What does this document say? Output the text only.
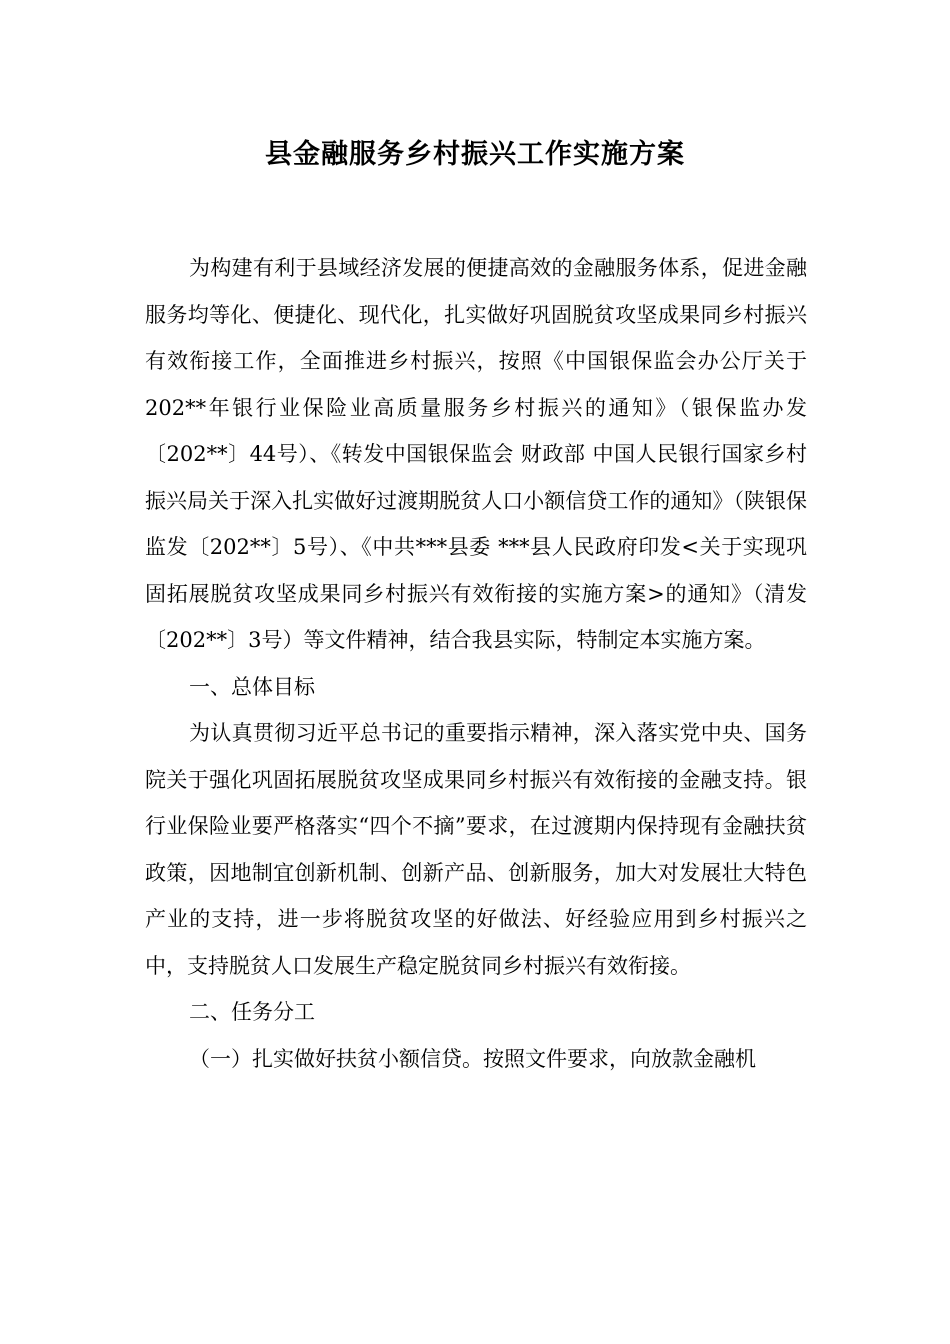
县金融服务乡村振兴工作实施方案

为构建有利于县域经济发展的便捷高效的金融服务体系，促进金融服务均等化、便捷化、现代化，扎实做好巩固脱贫攻坚成果同乡村振兴有效衔接工作，全面推进乡村振兴，按照《中国银保监会办公厅关于202**年银行业保险业高质量服务乡村振兴的通知》（银保监办发〔202**〕44号）、《转发中国银保监会 财政部 中国人民银行国家乡村振兴局关于深入扎实做好过渡期脱贫人口小额信贷工作的通知》（陕银保监发〔202**〕5号）、《中共***县委 ***县人民政府印发<关于实现巩固拓展脱贫攻坚成果同乡村振兴有效衔接的实施方案>的通知》（清发〔202**〕3号）等文件精神，结合我县实际，特制定本实施方案。

一、总体目标

为认真贯彻习近平总书记的重要指示精神，深入落实党中央、国务院关于强化巩固拓展脱贫攻坚成果同乡村振兴有效衔接的金融支持。银行业保险业要严格落实“四个不摘”要求，在过渡期内保持现有金融扶贫政策，因地制宜创新机制、创新产品、创新服务，加大对发展壮大特色产业的支持，进一步将脱贫攻坚的好做法、好经验应用到乡村振兴之中，支持脱贫人口发展生产稳定脱贫同乡村振兴有效衔接。

二、任务分工

（一）扎实做好扶贫小额信贷。按照文件要求，向放款金融机
